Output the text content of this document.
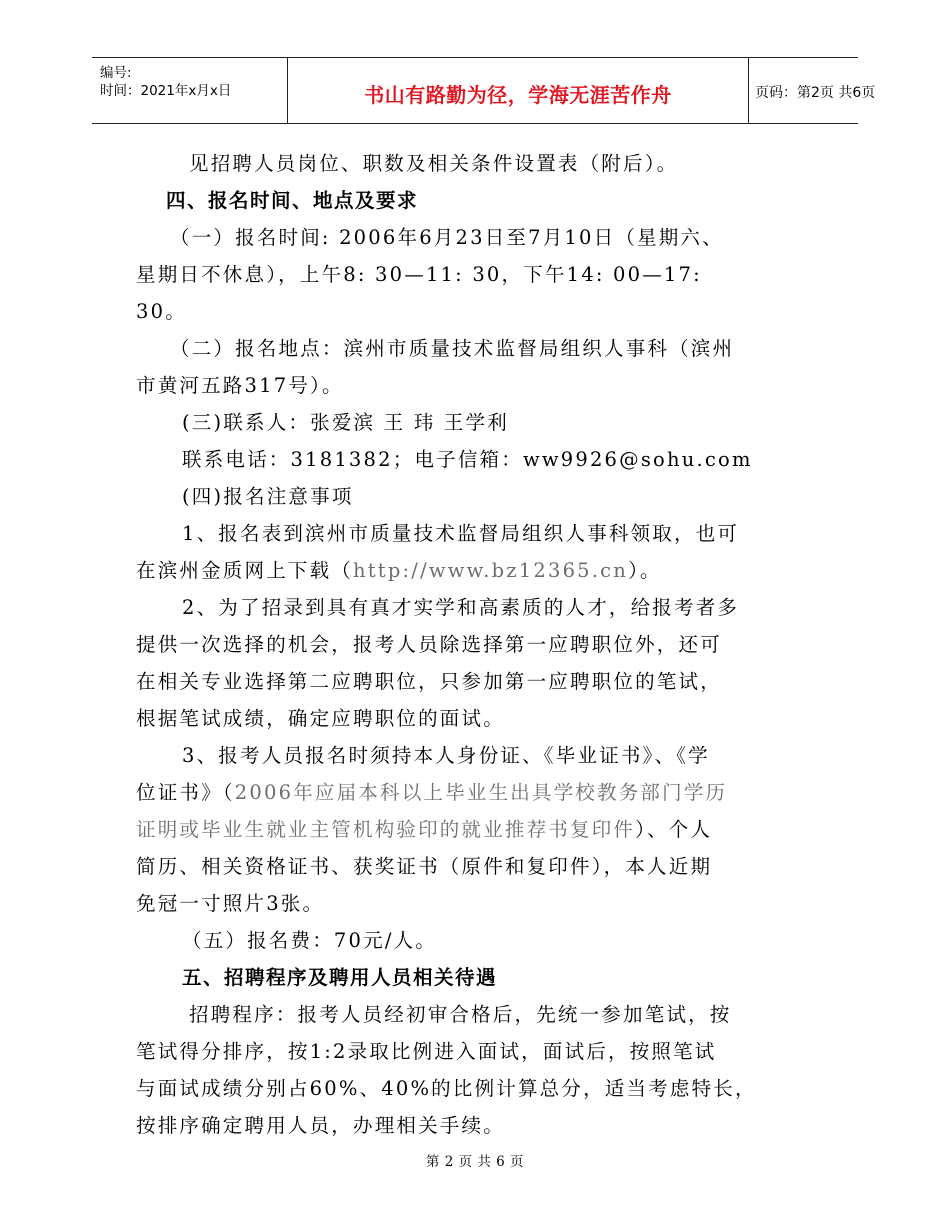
编号:
时间：2021年x月x日	书山有路勤为径，学海无涯苦作舟	页码：第2页 共6页
见招聘人员岗位、职数及相关条件设置表（附后）。
四、报名时间、地点及要求
（一）报名时间: 2006年6月23日至7月10日（星期六、
星期日不休息），上午8: 30—11: 30，下午14: 00—17:
30。
（二）报名地点：滨州市质量技术监督局组织人事科（滨州
市黄河五路317号）。
(三)联系人：张爱滨 王 玮 王学利
联系电话：3181382；电子信箱：ww9926@sohu.com
(四)报名注意事项
1、报名表到滨州市质量技术监督局组织人事科领取，也可
在滨州金质网上下载（http://www.bz12365.cn）。
2、为了招录到具有真才实学和高素质的人才，给报考者多
提供一次选择的机会，报考人员除选择第一应聘职位外，还可
在相关专业选择第二应聘职位，只参加第一应聘职位的笔试，
根据笔试成绩，确定应聘职位的面试。
3、报考人员报名时须持本人身份证、《毕业证书》、《学
位证书》（2006年应届本科以上毕业生出具学校教务部门学历
证明或毕业生就业主管机构验印的就业推荐书复印件）、个人
简历、相关资格证书、获奖证书（原件和复印件），本人近期
免冠一寸照片3张。
（五）报名费：70元/人。
五、招聘程序及聘用人员相关待遇
招聘程序：报考人员经初审合格后，先统一参加笔试，按
笔试得分排序，按1:2录取比例进入面试，面试后，按照笔试
与面试成绩分别占60%、40%的比例计算总分，适当考虑特长，
按排序确定聘用人员，办理相关手续。
第 2 页 共 6 页
